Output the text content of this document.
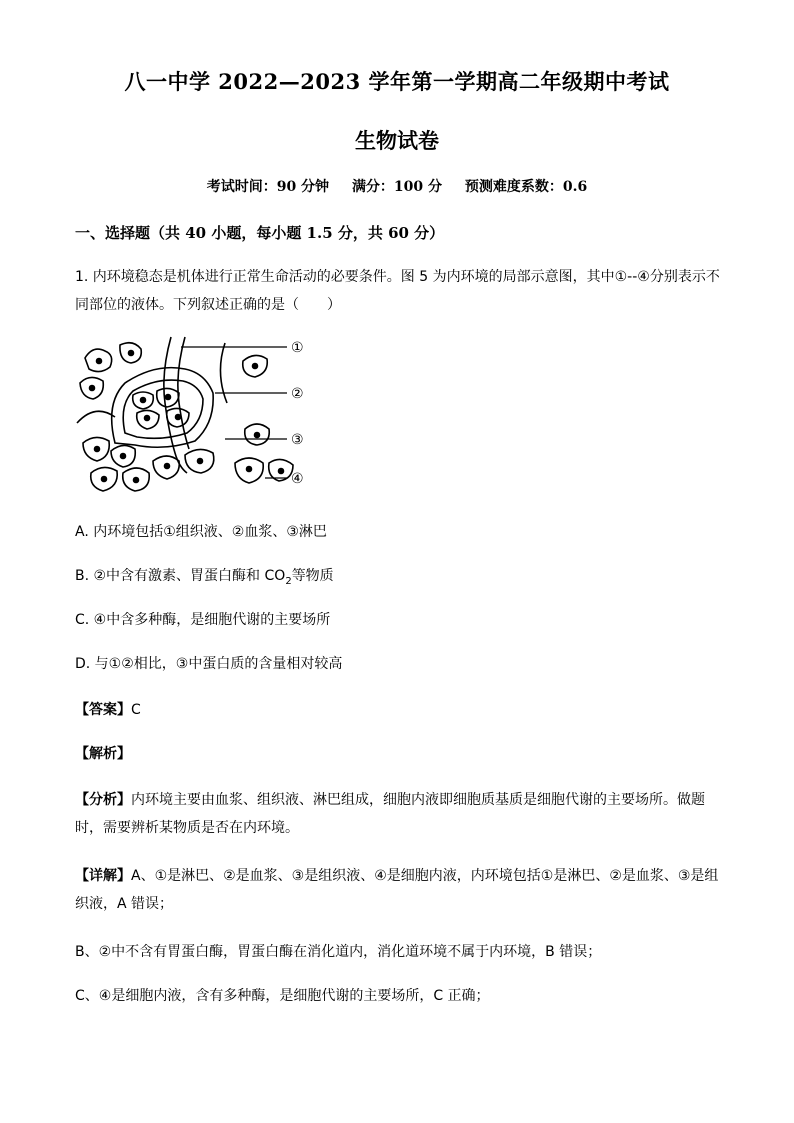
八一中学 2022—2023 学年第一学期高二年级期中考试
生物试卷
考试时间：90 分钟 满分：100 分 预测难度系数：0.6
一、选择题（共 40 小题，每小题 1.5 分，共 60 分）
1. 内环境稳态是机体进行正常生命活动的必要条件。图 5 为内环境的局部示意图，其中①--④分别表示不同部位的液体。下列叙述正确的是（　　）
①
②
③
④
A. 内环境包括①组织液、②血浆、③淋巴
B. ②中含有激素、胃蛋白酶和 $CO_2$等物质
C. ④中含多种酶，是细胞代谢的主要场所
D. 与①②相比，③中蛋白质的含量相对较高
【答案】C
【解析】
【分析】内环境主要由血浆、组织液、淋巴组成，细胞内液即细胞质基质是细胞代谢的主要场所。做题时，需要辨析某物质是否在内环境。
【详解】A、①是淋巴、②是血浆、③是组织液、④是细胞内液，内环境包括①是淋巴、②是血浆、③是组织液，A 错误；
B、②中不含有胃蛋白酶，胃蛋白酶在消化道内，消化道环境不属于内环境，B 错误；
C、④是细胞内液，含有多种酶，是细胞代谢的主要场所，C 正确；
